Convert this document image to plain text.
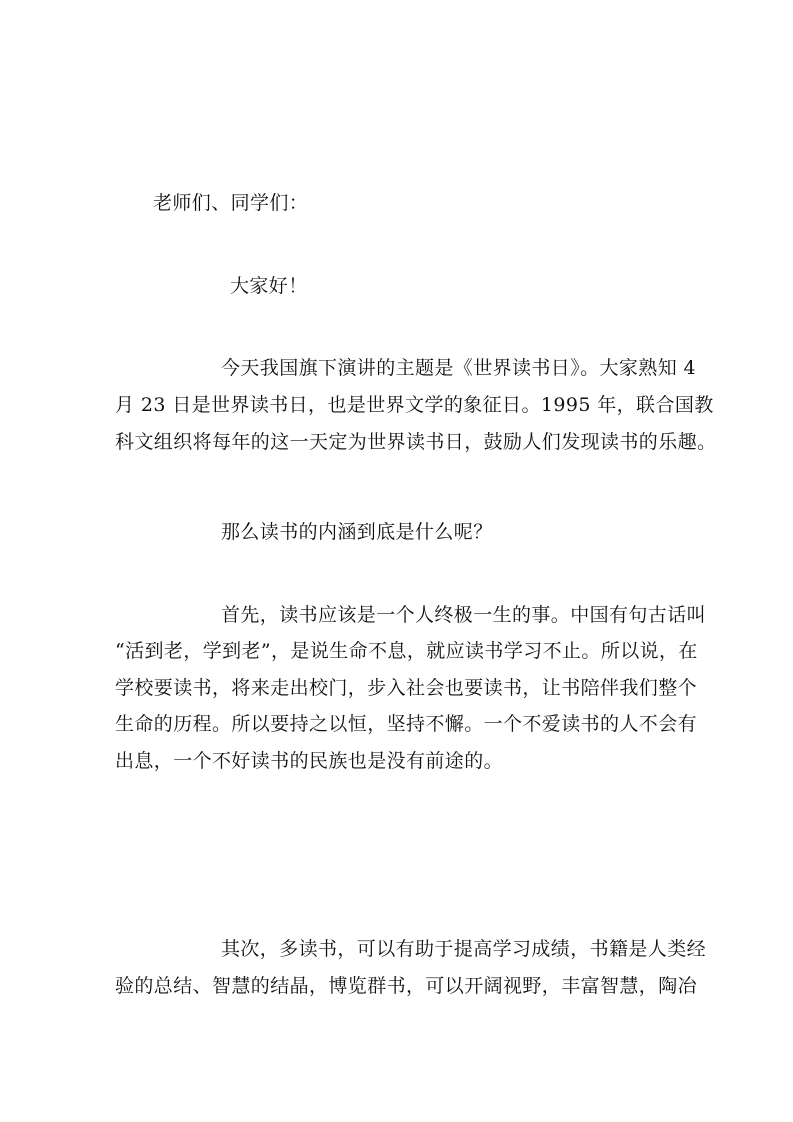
老师们、同学们：
大家好！
今天我国旗下演讲的主题是《世界读书日》。大家熟知 4
月 23 日是世界读书日，也是世界文学的象征日。1995 年，联合国教
科文组织将每年的这一天定为世界读书日，鼓励人们发现读书的乐趣。
那么读书的内涵到底是什么呢？
首先，读书应该是一个人终极一生的事。中国有句古话叫
“活到老，学到老”，是说生命不息，就应读书学习不止。所以说，在
学校要读书，将来走出校门，步入社会也要读书，让书陪伴我们整个
生命的历程。所以要持之以恒，坚持不懈。一个不爱读书的人不会有
出息，一个不好读书的民族也是没有前途的。
其次，多读书，可以有助于提高学习成绩，书籍是人类经
验的总结、智慧的结晶，博览群书，可以开阔视野，丰富智慧，陶冶
